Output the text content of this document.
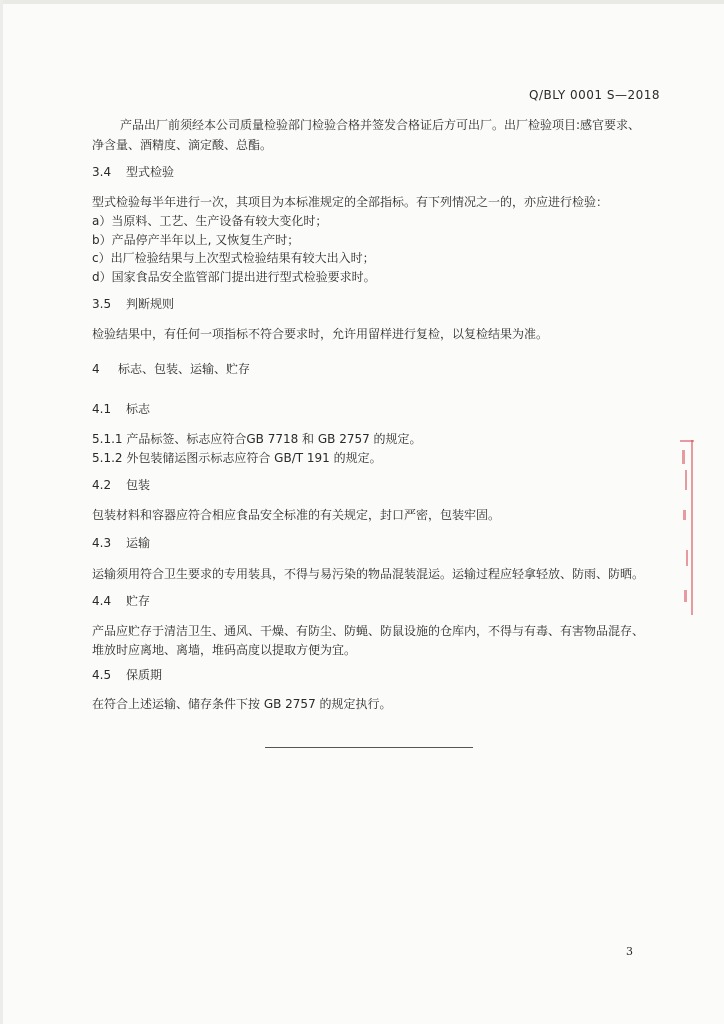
Q/BLY 0001 S—2018
产品出厂前须经本公司质量检验部门检验合格并签发合格证后方可出厂。出厂检验项目:感官要求、
净含量、酒精度、滴定酸、总酯。
3.4 型式检验
型式检验每半年进行一次，其项目为本标准规定的全部指标。有下列情况之一的，亦应进行检验：
a）当原料、工艺、生产设备有较大变化时；
b）产品停产半年以上, 又恢复生产时；
c）出厂检验结果与上次型式检验结果有较大出入时；
d）国家食品安全监管部门提出进行型式检验要求时。
3.5 判断规则
检验结果中，有任何一项指标不符合要求时，允许用留样进行复检，以复检结果为准。
4 标志、包装、运输、贮存
4.1 标志
5.1.1 产品标签、标志应符合GB 7718 和 GB 2757 的规定。
5.1.2 外包装储运图示标志应符合 GB/T 191 的规定。
4.2 包装
包装材料和容器应符合相应食品安全标准的有关规定，封口严密，包装牢固。
4.3 运输
运输须用符合卫生要求的专用装具，不得与易污染的物品混装混运。运输过程应轻拿轻放、防雨、防晒。
4.4 贮存
产品应贮存于清洁卫生、通风、干燥、有防尘、防蝇、防鼠设施的仓库内，不得与有毒、有害物品混存、
堆放时应离地、离墙，堆码高度以提取方便为宜。
4.5 保质期
在符合上述运输、储存条件下按 GB 2757 的规定执行。
3
